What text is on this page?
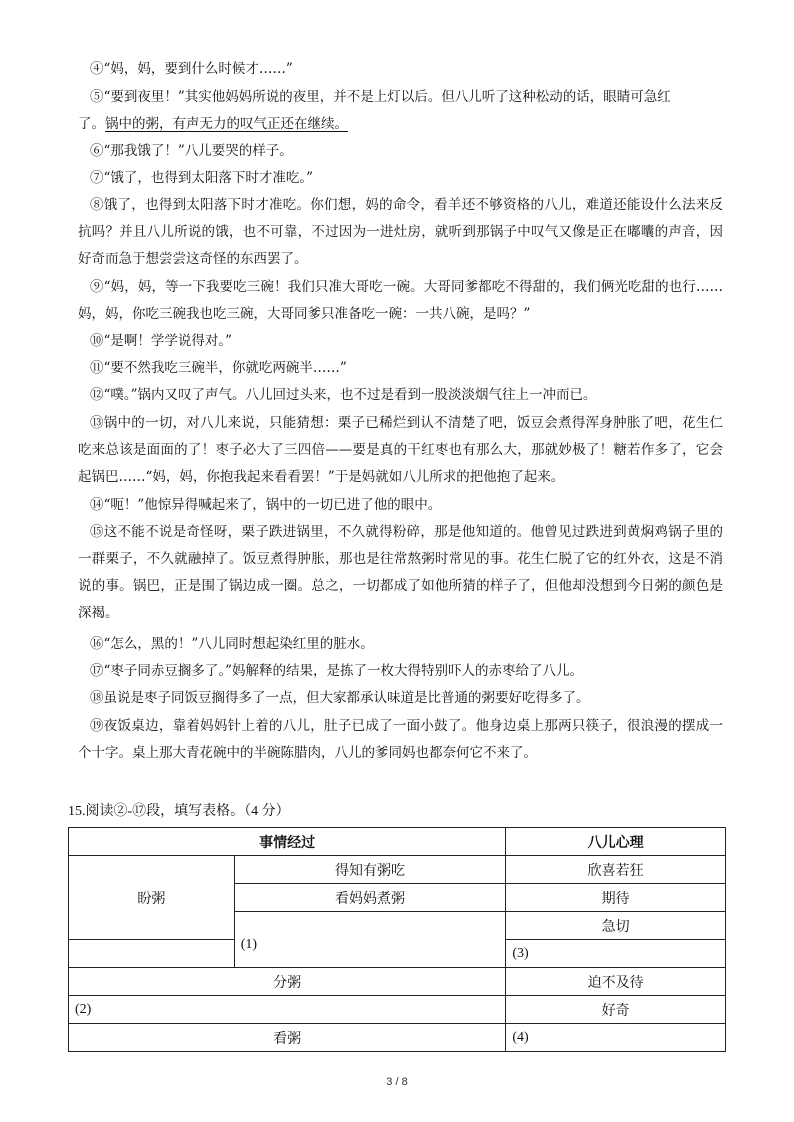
④“妈，妈，要到什么时候才……”
⑤“要到夜里！”其实他妈妈所说的夜里，并不是上灯以后。但八儿听了这种松动的话，眼睛可急红
了。锅中的粥，有声无力的叹气正还在继续。
⑥“那我饿了！”八儿要哭的样子。
⑦“饿了，也得到太阳落下时才准吃。”
⑧饿了，也得到太阳落下时才准吃。你们想，妈的命令，看羊还不够资格的八儿，难道还能设什么法来反抗吗？并且八儿所说的饿，也不可靠，不过因为一进灶房，就听到那锅子中叹气又像是正在嘟囔的声音，因好奇而急于想尝尝这奇怪的东西罢了。
⑨“妈，妈，等一下我要吃三碗！我们只准大哥吃一碗。大哥同爹都吃不得甜的，我们俩光吃甜的也行……妈，妈，你吃三碗我也吃三碗，大哥同爹只准备吃一碗：一共八碗，是吗？”
⑩“是啊！学学说得对。”
⑪“要不然我吃三碗半，你就吃两碗半……”
⑫“噗。”锅内又叹了声气。八儿回过头来，也不过是看到一股淡淡烟气往上一冲而已。
⑬锅中的一切，对八儿来说，只能猜想：栗子已稀烂到认不清楚了吧，饭豆会煮得浑身肿胀了吧，花生仁吃来总该是面面的了！枣子必大了三四倍——要是真的干红枣也有那么大，那就妙极了！糖若作多了，它会起锅巴……“妈，妈，你抱我起来看看罢！”于是妈就如八儿所求的把他抱了起来。
⑭“呃！”他惊异得喊起来了，锅中的一切已进了他的眼中。
⑮这不能不说是奇怪呀，栗子跌进锅里，不久就得粉碎，那是他知道的。他曾见过跌进到黄焖鸡锅子里的一群栗子，不久就融掉了。饭豆煮得肿胀，那也是往常熬粥时常见的事。花生仁脱了它的红外衣，这是不消说的事。锅巴，正是围了锅边成一圈。总之，一切都成了如他所猜的样子了，但他却没想到今日粥的颜色是深褐。
⑯“怎么，黑的！”八儿同时想起染红里的脏水。
⑰“枣子同赤豆搁多了。”妈解释的结果，是拣了一枚大得特别吓人的赤枣给了八儿。
⑱虽说是枣子同饭豆搁得多了一点，但大家都承认味道是比普通的粥要好吃得多了。
⑲夜饭桌边，靠着妈妈针上着的八儿，肚子已成了一面小鼓了。他身边桌上那两只筷子，很浪漫的摆成一个十字。桌上那大青花碗中的半碗陈腊肉，八儿的爹同妈也都奈何它不来了。
15.阅读②-⑰段，填写表格。（4 分）
事情经过		八儿心理
盼粥	得知有粥吃	欣喜若狂
	看妈妈煮粥	期待
	(1)	急切
		(3)
分粥		迫不及待
(2)		好奇
看粥		(4)
3 / 8
